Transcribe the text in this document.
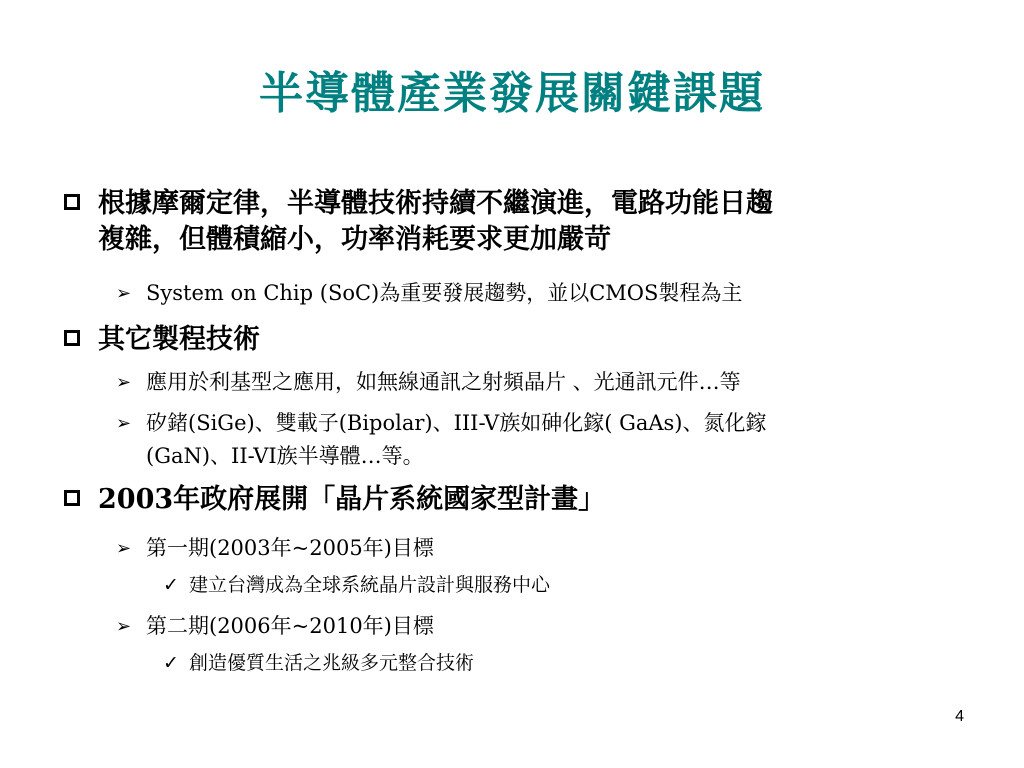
半導體產業發展關鍵課題
根據摩爾定律，半導體技術持續不繼演進，電路功能日趨
複雜，但體積縮小，功率消耗要求更加嚴苛
➢ System on Chip (SoC)為重要發展趨勢，並以CMOS製程為主
其它製程技術
➢ 應用於利基型之應用，如無線通訊之射頻晶片 、光通訊元件…等
➢ 矽鍺(SiGe)、雙載子(Bipolar)、III-V族如砷化鎵( GaAs)、氮化鎵
(GaN)、II-VI族半導體…等。
2003年政府展開「晶片系統國家型計畫」
➢ 第一期(2003年~2005年)目標
✓ 建立台灣成為全球系統晶片設計與服務中心
➢ 第二期(2006年~2010年)目標
✓ 創造優質生活之兆級多元整合技術
4
